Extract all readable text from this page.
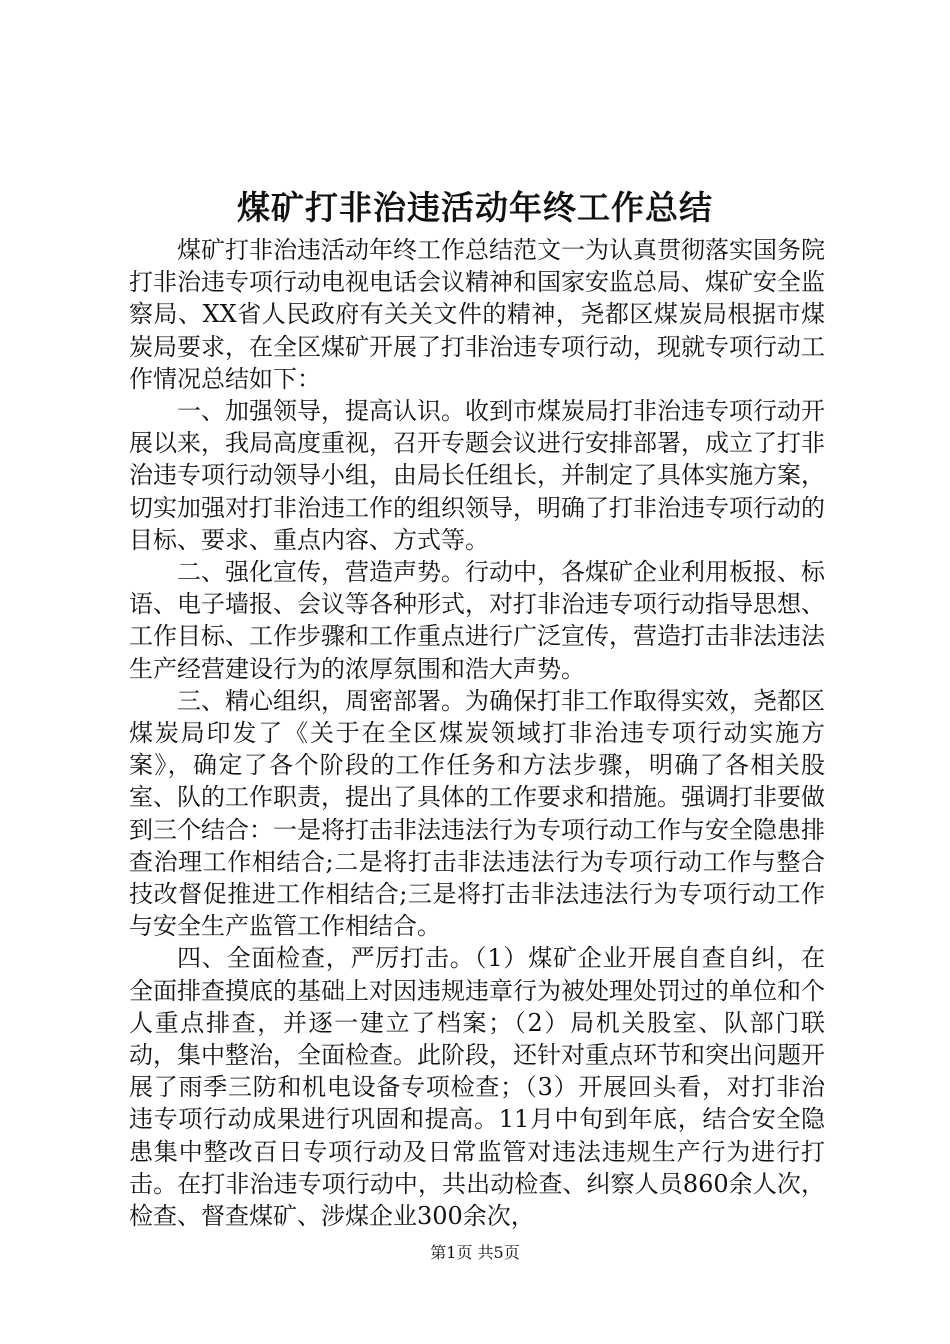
煤矿打非治违活动年终工作总结

煤矿打非治违活动年终工作总结范文一为认真贯彻落实国务院打非治违专项行动电视电话会议精神和国家安监总局、煤矿安全监察局、XX省人民政府有关关文件的精神，尧都区煤炭局根据市煤炭局要求，在全区煤矿开展了打非治违专项行动，现就专项行动工作情况总结如下：

一、加强领导，提高认识。收到市煤炭局打非治违专项行动开展以来，我局高度重视，召开专题会议进行安排部署，成立了打非治违专项行动领导小组，由局长任组长，并制定了具体实施方案，切实加强对打非治违工作的组织领导，明确了打非治违专项行动的目标、要求、重点内容、方式等。

二、强化宣传，营造声势。行动中，各煤矿企业利用板报、标语、电子墙报、会议等各种形式，对打非治违专项行动指导思想、工作目标、工作步骤和工作重点进行广泛宣传，营造打击非法违法生产经营建设行为的浓厚氛围和浩大声势。

三、精心组织，周密部署。为确保打非工作取得实效，尧都区煤炭局印发了《关于在全区煤炭领域打非治违专项行动实施方案》，确定了各个阶段的工作任务和方法步骤，明确了各相关股室、队的工作职责，提出了具体的工作要求和措施。强调打非要做到三个结合：一是将打击非法违法行为专项行动工作与安全隐患排查治理工作相结合;二是将打击非法违法行为专项行动工作与整合技改督促推进工作相结合;三是将打击非法违法行为专项行动工作与安全生产监管工作相结合。

四、全面检查，严厉打击。（1）煤矿企业开展自查自纠，在全面排查摸底的基础上对因违规违章行为被处理处罚过的单位和个人重点排查，并逐一建立了档案；（2）局机关股室、队部门联动，集中整治，全面检查。此阶段，还针对重点环节和突出问题开展了雨季三防和机电设备专项检查；（3）开展回头看，对打非治违专项行动成果进行巩固和提高。11月中旬到年底，结合安全隐患集中整改百日专项行动及日常监管对违法违规生产行为进行打击。在打非治违专项行动中，共出动检查、纠察人员860余人次，检查、督查煤矿、涉煤企业300余次，

第1页 共5页
